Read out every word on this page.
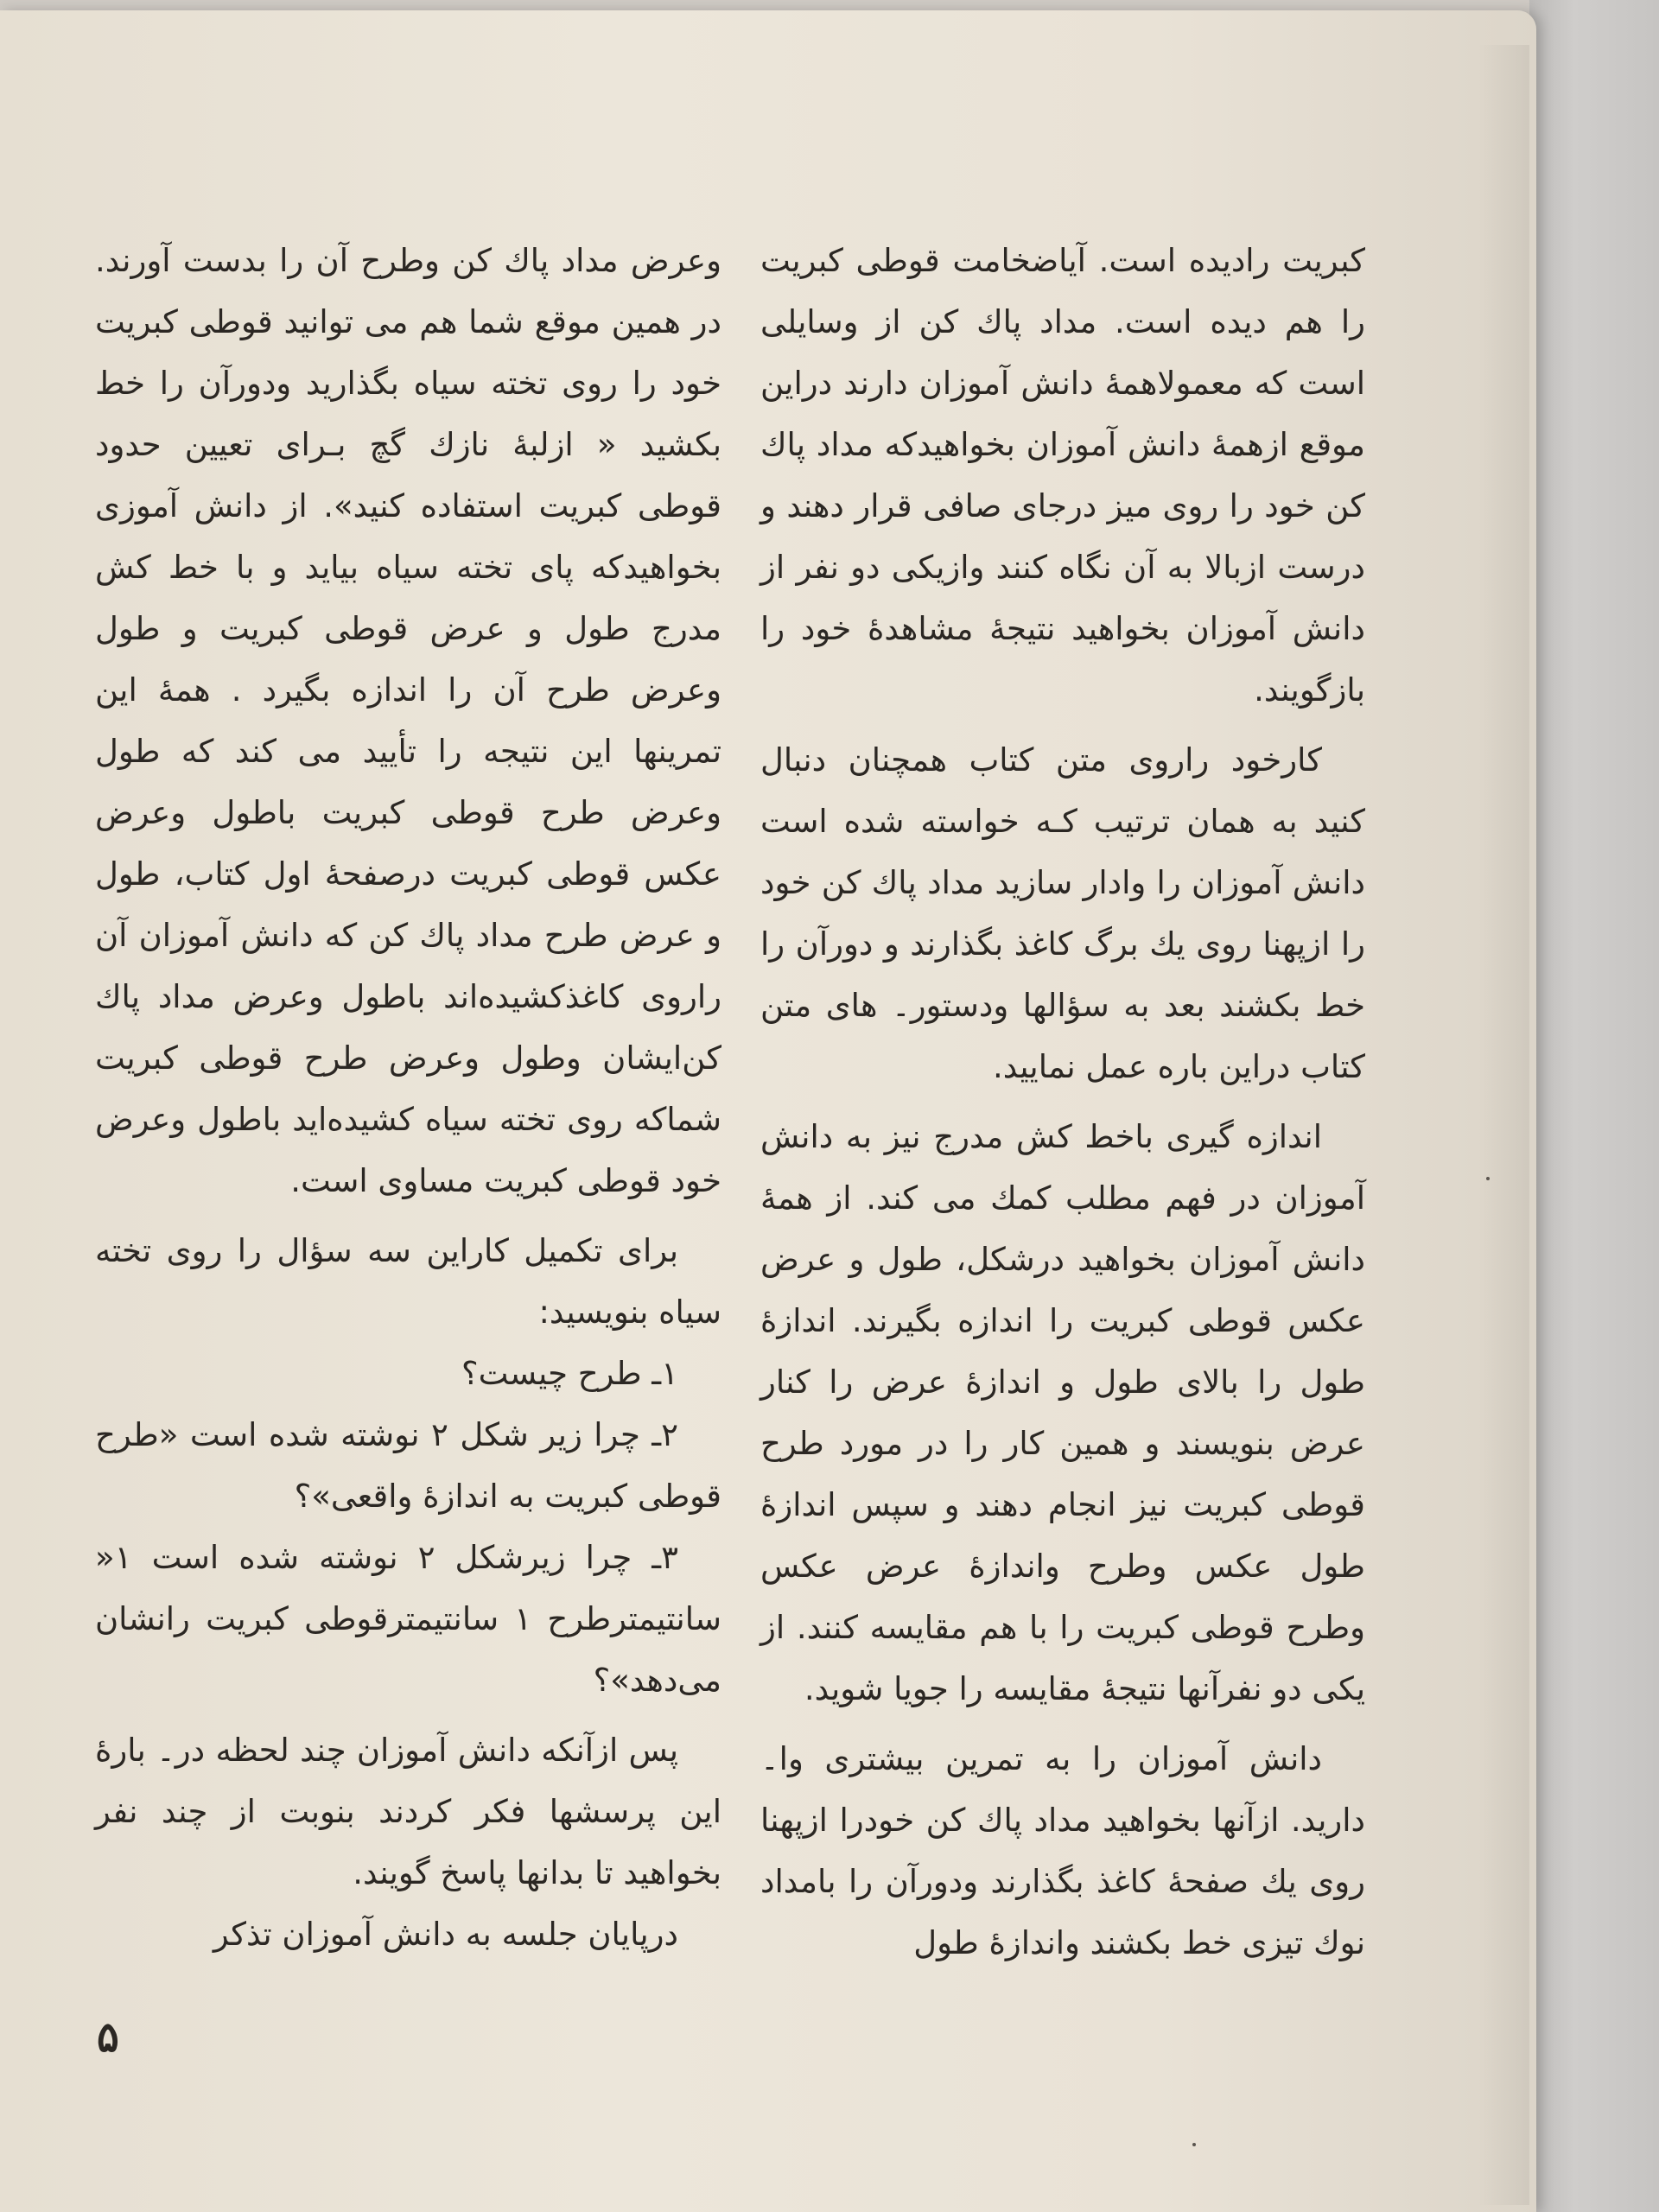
کبریت رادیده است. آیاضخامت قوطی کبریت را هم دیده است. مداد پاك کن از وسایلی است که معمولاهمهٔ دانش آموزان دارند دراین موقع ازهمهٔ دانش آموزان بخواهیدکه مداد پاك کن خود را روی میز درجای صافی قرار دهند و درست ازبالا به آن نگاه کنند وازیکی دو نفر از دانش آموزان بخواهید نتیجهٔ مشاهدهٔ خود را بازگویند.

کارخود راروی متن کتاب همچنان دنبال کنید به همان ترتیب کـه خواسته شده است دانش آموزان را وادار سازید مداد پاك کن خود را ازپهنا روی یك برگ کاغذ بگذارند و دورآن را خط بکشند بعد به سؤالها ودستور۔ های متن کتاب دراین باره عمل نمایید.

اندازه گیری باخط کش مدرج نیز به دانش آموزان در فهم مطلب کمك می کند. از همهٔ دانش آموزان بخواهید درشکل، طول و عرض عکس قوطی کبریت را اندازه بگیرند. اندازهٔ طول را بالای طول و اندازهٔ عرض را کنار عرض بنویسند و همین کار را در مورد طرح قوطی کبریت نیز انجام دهند و سپس اندازهٔ طول عکس وطرح واندازهٔ عرض عکس وطرح قوطی کبریت را با هم مقایسه کنند. از یکی دو نفرآنها نتیجهٔ مقایسه را جویا شوید.

دانش آموزان را به تمرین بیشتری وا۔ دارید. ازآنها بخواهید مداد پاك کن خودرا ازپهنا روی یك صفحهٔ کاغذ بگذارند ودورآن را بامداد نوك تیزی خط بکشند واندازهٔ طول

وعرض مداد پاك کن وطرح آن را بدست آورند. در همین موقع شما هم می توانید قوطی کبریت خود را روی تخته سیاه بگذارید ودورآن را خط بکشید « ازلبهٔ نازك گچ بـرای تعیین حدود قوطی کبریت استفاده کنید». از دانش آموزی بخواهیدکه پای تخته سیاه بیاید و با خط کش مدرج طول و عرض قوطی کبریت و طول وعرض طرح آن را اندازه بگیرد . همهٔ این تمرینها این نتیجه را تأیید می کند که طول وعرض طرح قوطی کبریت باطول وعرض عکس قوطی کبریت درصفحهٔ اول کتاب، طول و عرض طرح مداد پاك کن که دانش آموزان آن راروی کاغذکشیده‌اند باطول وعرض مداد پاك کن‌ایشان وطول وعرض طرح قوطی کبریت شماکه روی تخته سیاه کشیده‌اید باطول وعرض خود قوطی کبریت مساوی است.

برای تکمیل کاراین سه سؤال را روی تخته سیاه بنویسید:

۱ـ طرح چیست؟

۲ـ چرا زیر شکل ۲ نوشته شده است «طرح قوطی کبریت به اندازهٔ واقعی»؟

۳ـ چرا زیرشکل ۲ نوشته شده است ۱« سانتیمترطرح ۱ سانتیمترقوطی کبریت رانشان می‌دهد»؟

پس ازآنکه دانش آموزان چند لحظه در۔ بارهٔ این پرسشها فکر کردند بنوبت از چند نفر بخواهید تا بدانها پاسخ گویند.

درپایان جلسه به دانش آموزان تذکر

۵
